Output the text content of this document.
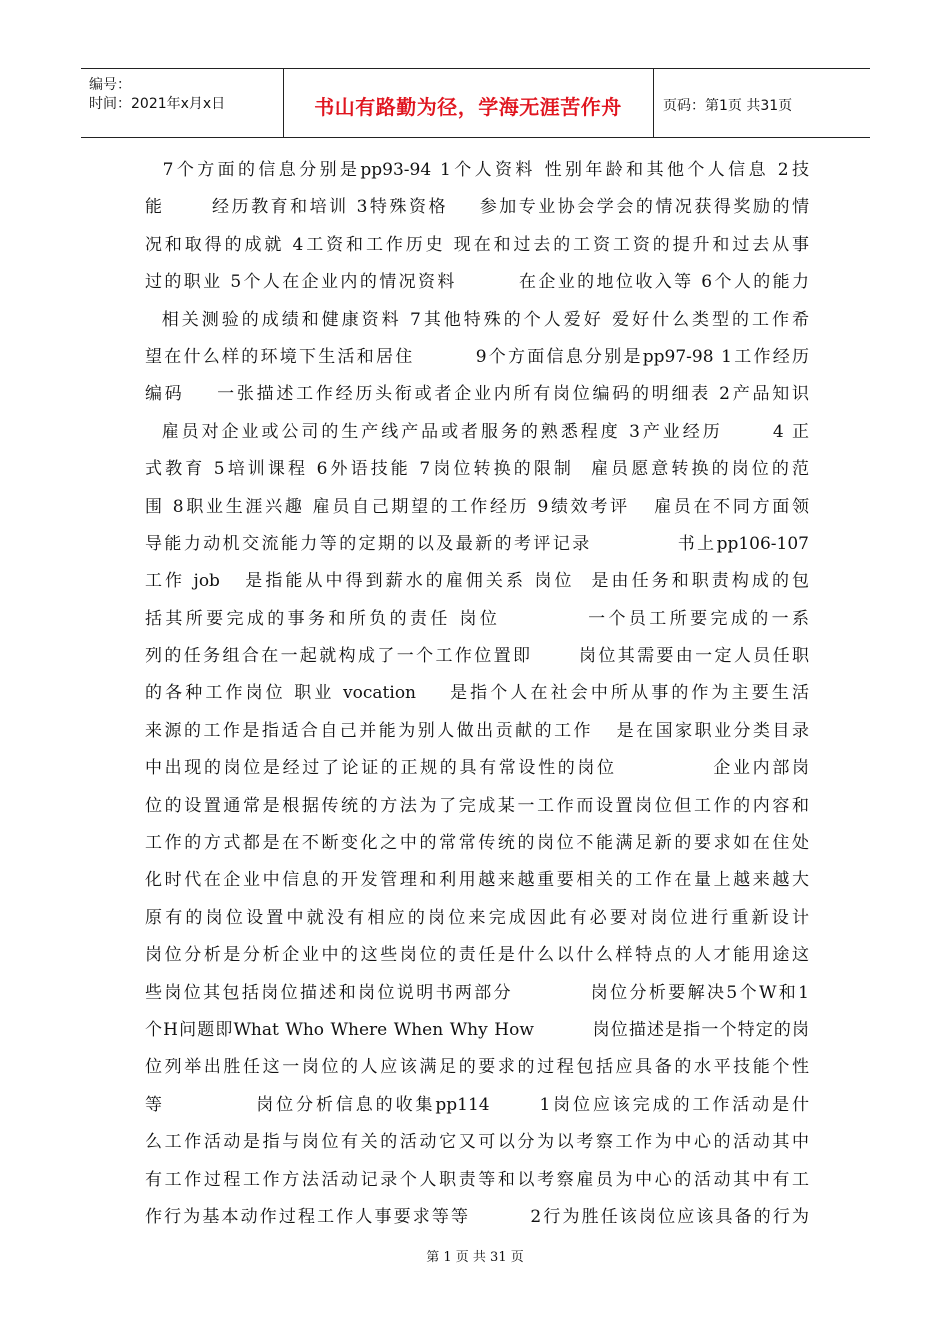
编号：
时间：2021年x月x日	书山有路勤为径，学海无涯苦作舟	页码：第1页 共31页
7个方面的信息分别是pp93-94 1个人资料 性别年龄和其他个人信息 2技
能      经历教育和培训 3特殊资格    参加专业协会学会的情况获得奖励的情
况和取得的成就 4工资和工作历史 现在和过去的工资工资的提升和过去从事
过的职业 5个人在企业内的情况资料        在企业的地位收入等 6个人的能力
相关测验的成绩和健康资料 7其他特殊的个人爱好 爱好什么类型的工作希
望在什么样的环境下生活和居住        9个方面信息分别是pp97-98 1工作经历
编码    一张描述工作经历头衔或者企业内所有岗位编码的明细表 2产品知识
雇员对企业或公司的生产线产品或者服务的熟悉程度 3产业经历      4 正
式教育 5培训课程 6外语技能 7岗位转换的限制  雇员愿意转换的岗位的范
围 8职业生涯兴趣 雇员自己期望的工作经历 9绩效考评   雇员在不同方面领
导能力动机交流能力等的定期的以及最新的考评记录           书上pp106-107
工作 job   是指能从中得到薪水的雇佣关系 岗位  是由任务和职责构成的包
括其所要完成的事务和所负的责任 岗位          一个员工所要完成的一系
列的任务组合在一起就构成了一个工作位置即      岗位其需要由一定人员任职
的各种工作岗位 职业 vocation    是指个人在社会中所从事的作为主要生活
来源的工作是指适合自己并能为别人做出贡献的工作   是在国家职业分类目录
中出现的岗位是经过了论证的正规的具有常设性的岗位            企业内部岗
位的设置通常是根据传统的方法为了完成某一工作而设置岗位但工作的内容和
工作的方式都是在不断变化之中的常常传统的岗位不能满足新的要求如在住处
化时代在企业中信息的开发管理和利用越来越重要相关的工作在量上越来越大
原有的岗位设置中就没有相应的岗位来完成因此有必要对岗位进行重新设计
岗位分析是分析企业中的这些岗位的责任是什么以什么样特点的人才能用途这
些岗位其包括岗位描述和岗位说明书两部分          岗位分析要解决5个W和1
个H问题即What Who Where When Why How         岗位描述是指一个特定的岗
位列举出胜任这一岗位的人应该满足的要求的过程包括应具备的水平技能个性
等           岗位分析信息的收集pp114      1岗位应该完成的工作活动是什
么工作活动是指与岗位有关的活动它又可以分为以考察工作为中心的活动其中
有工作过程工作方法活动记录个人职责等和以考察雇员为中心的活动其中有工
作行为基本动作过程工作人事要求等等        2行为胜任该岗位应该具备的行为
第 1 页 共 31 页
